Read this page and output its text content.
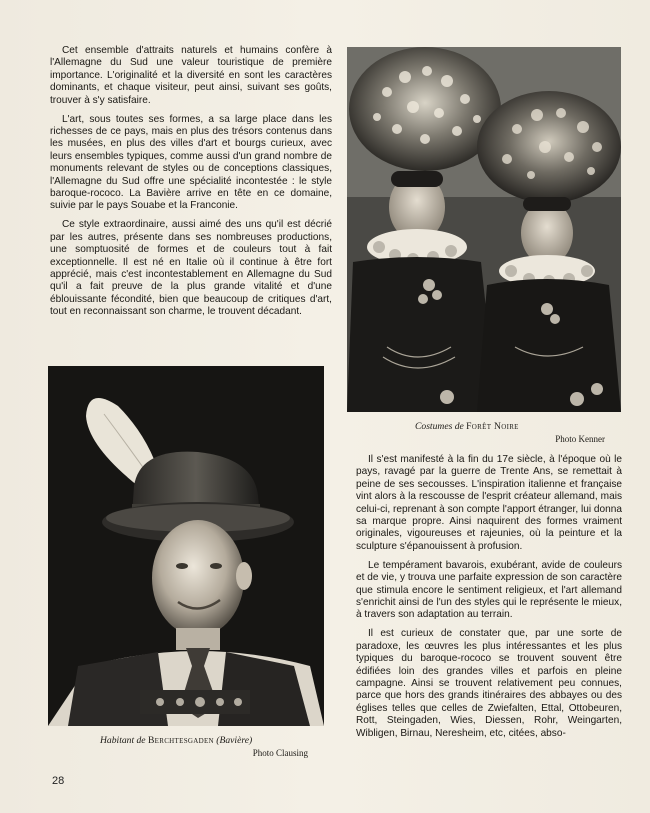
Cet ensemble d'attraits naturels et humains confère à l'Allemagne du Sud une valeur touristique de première importance. L'originalité et la diversité en sont les caractères dominants, et chaque visiteur, peut ainsi, suivant ses goûts, trouver à s'y satisfaire.

L'art, sous toutes ses formes, a sa large place dans les richesses de ce pays, mais en plus des trésors contenus dans les musées, en plus des villes d'art et bourgs curieux, avec leurs ensembles typiques, comme aussi d'un grand nombre de monuments relevant de styles ou de conceptions classiques, l'Allemagne du Sud offre une spécialité incontestée : le style baroque-rococo. La Bavière arrive en tête en ce domaine, suivie par le pays Souabe et la Franconie.

Ce style extraordinaire, aussi aimé des uns qu'il est décrié par les autres, présente dans ses nombreuses productions, une somptuosité de formes et de couleurs tout à fait exceptionnelle. Il est né en Italie où il continue à être fort apprécié, mais c'est incontestablement en Allemagne du Sud qu'il a fait preuve de la plus grande vitalité et d'une éblouissante fécondité, bien que beaucoup de critiques d'art, tout en reconnaissant son charme, le trouvent décadant.

Costumes de Forêt Noire
Photo Kenner
Habitant de Berchtesgaden (Bavière)
Photo Clausing

Il s'est manifesté à la fin du 17e siècle, à l'époque où le pays, ravagé par la guerre de Trente Ans, se remettait à peine de ses secousses. L'inspiration italienne et française vint alors à la rescousse de l'esprit créateur allemand, mais celui-ci, reprenant à son compte l'apport étranger, lui donna sa marque propre. Ainsi naquirent des formes vraiment originales, vigoureuses et rajeunies, où la peinture et la sculpture s'épanouissent à profusion.

Le tempérament bavarois, exubérant, avide de couleurs et de vie, y trouva une parfaite expression de son caractère que stimula encore le sentiment religieux, et l'art allemand s'enrichit ainsi de l'un des styles qui le représente le mieux, à travers son adaptation au terrain.

Il est curieux de constater que, par une sorte de paradoxe, les œuvres les plus intéressantes et les plus typiques du baroque-rococo se trouvent souvent être édifiées loin des grandes villes et parfois en pleine campagne. Ainsi se trouvent relativement peu connues, parce que hors des grands itinéraires des abbayes ou des églises telles que celles de Zwiefalten, Ettal, Ottobeuren, Rott, Steingaden, Wies, Diessen, Rohr, Weingarten, Wibligen, Birnau, Neresheim, etc, citées, abso-

28
